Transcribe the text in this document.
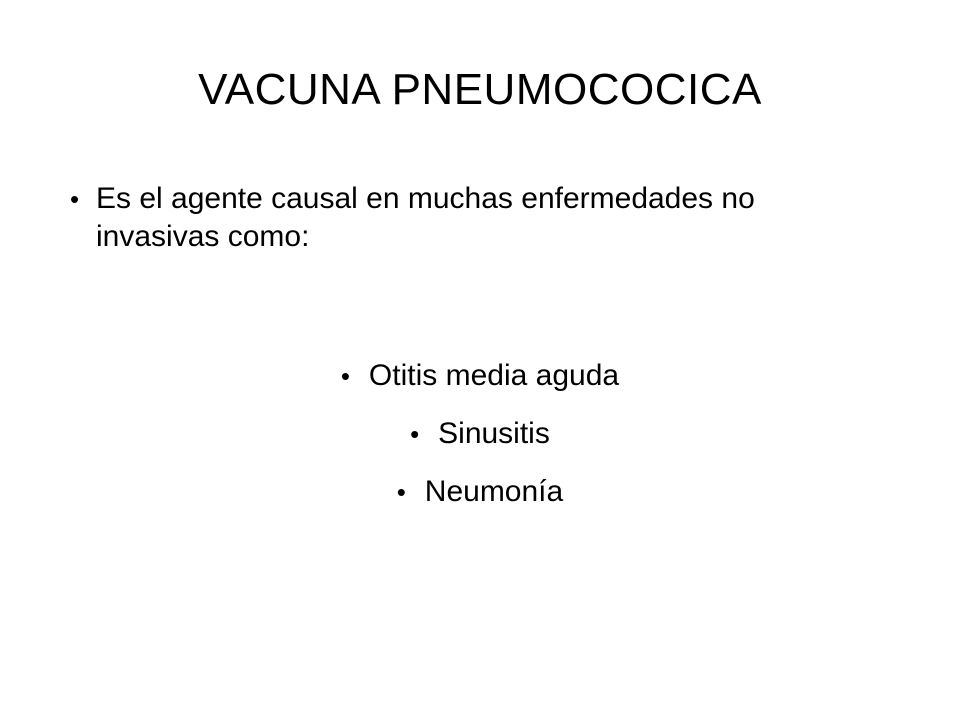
VACUNA PNEUMOCOCICA
• Es el agente causal en muchas enfermedades no invasivas como:
• Otitis media aguda
• Sinusitis
• Neumonía
